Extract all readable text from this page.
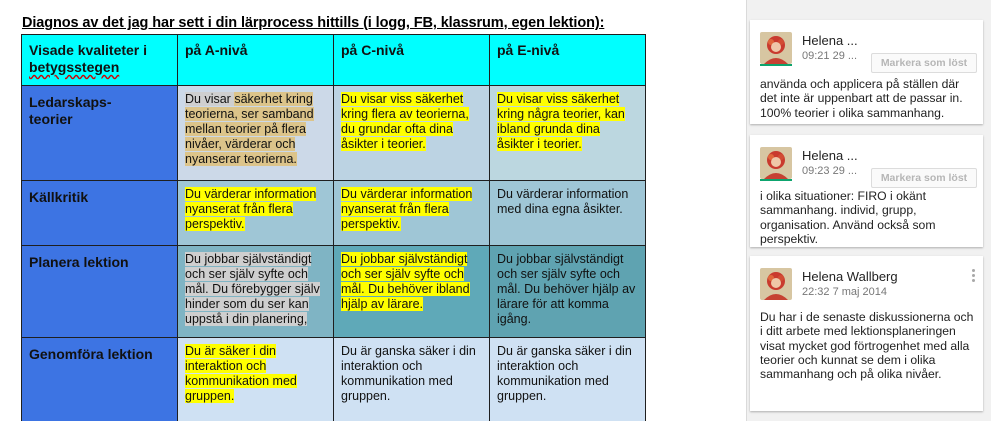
Diagnos av det jag har sett i din lärprocess hittills (i logg, FB, klassrum, egen lektion):
Visade kvaliteter i
betygsstegen	på A-nivå	på C-nivå	på E-nivå
Ledarskaps-
teorier	Du visar säkerhet kring teorierna, ser samband mellan teorier på flera nivåer, värderar och nyanserar teorierna.	Du visar viss säkerhet kring flera av teorierna, du grundar ofta dina åsikter i teorier.	Du visar viss säkerhet kring några teorier, kan ibland grunda dina åsikter i teorier.
Källkritik	Du värderar information nyanserat från flera perspektiv.	Du värderar information nyanserat från flera perspektiv.	Du värderar information med dina egna åsikter.
Planera lektion	Du jobbar självständigt och ser själv syfte och mål. Du förebygger själv hinder som du ser kan uppstå i din planering,	Du jobbar självständigt och ser själv syfte och mål. Du behöver ibland hjälp av lärare.	Du jobbar självständigt och ser själv syfte och mål. Du behöver hjälp av lärare för att komma igång.
Genomföra lektion	Du är säker i din interaktion och kommunikation med gruppen.	Du är ganska säker i din interaktion och kommunikation med gruppen.	Du är ganska säker i din interaktion och kommunikation med gruppen.
Helena ...
09:21 29 ...
Markera som löst
använda och applicera på ställen där det inte är uppenbart att de passar in. 100% teorier i olika sammanhang.
Helena ...
09:23 29 ...
Markera som löst
i olika situationer: FIRO i okänt sammanhang. individ, grupp, organisation. Använd också som perspektiv.
Helena Wallberg
22:32 7 maj 2014
Du har i de senaste diskussionerna och i ditt arbete med lektionsplaneringen visat mycket god förtrogenhet med alla teorier och kunnat se dem i olika sammanhang och på olika nivåer.
